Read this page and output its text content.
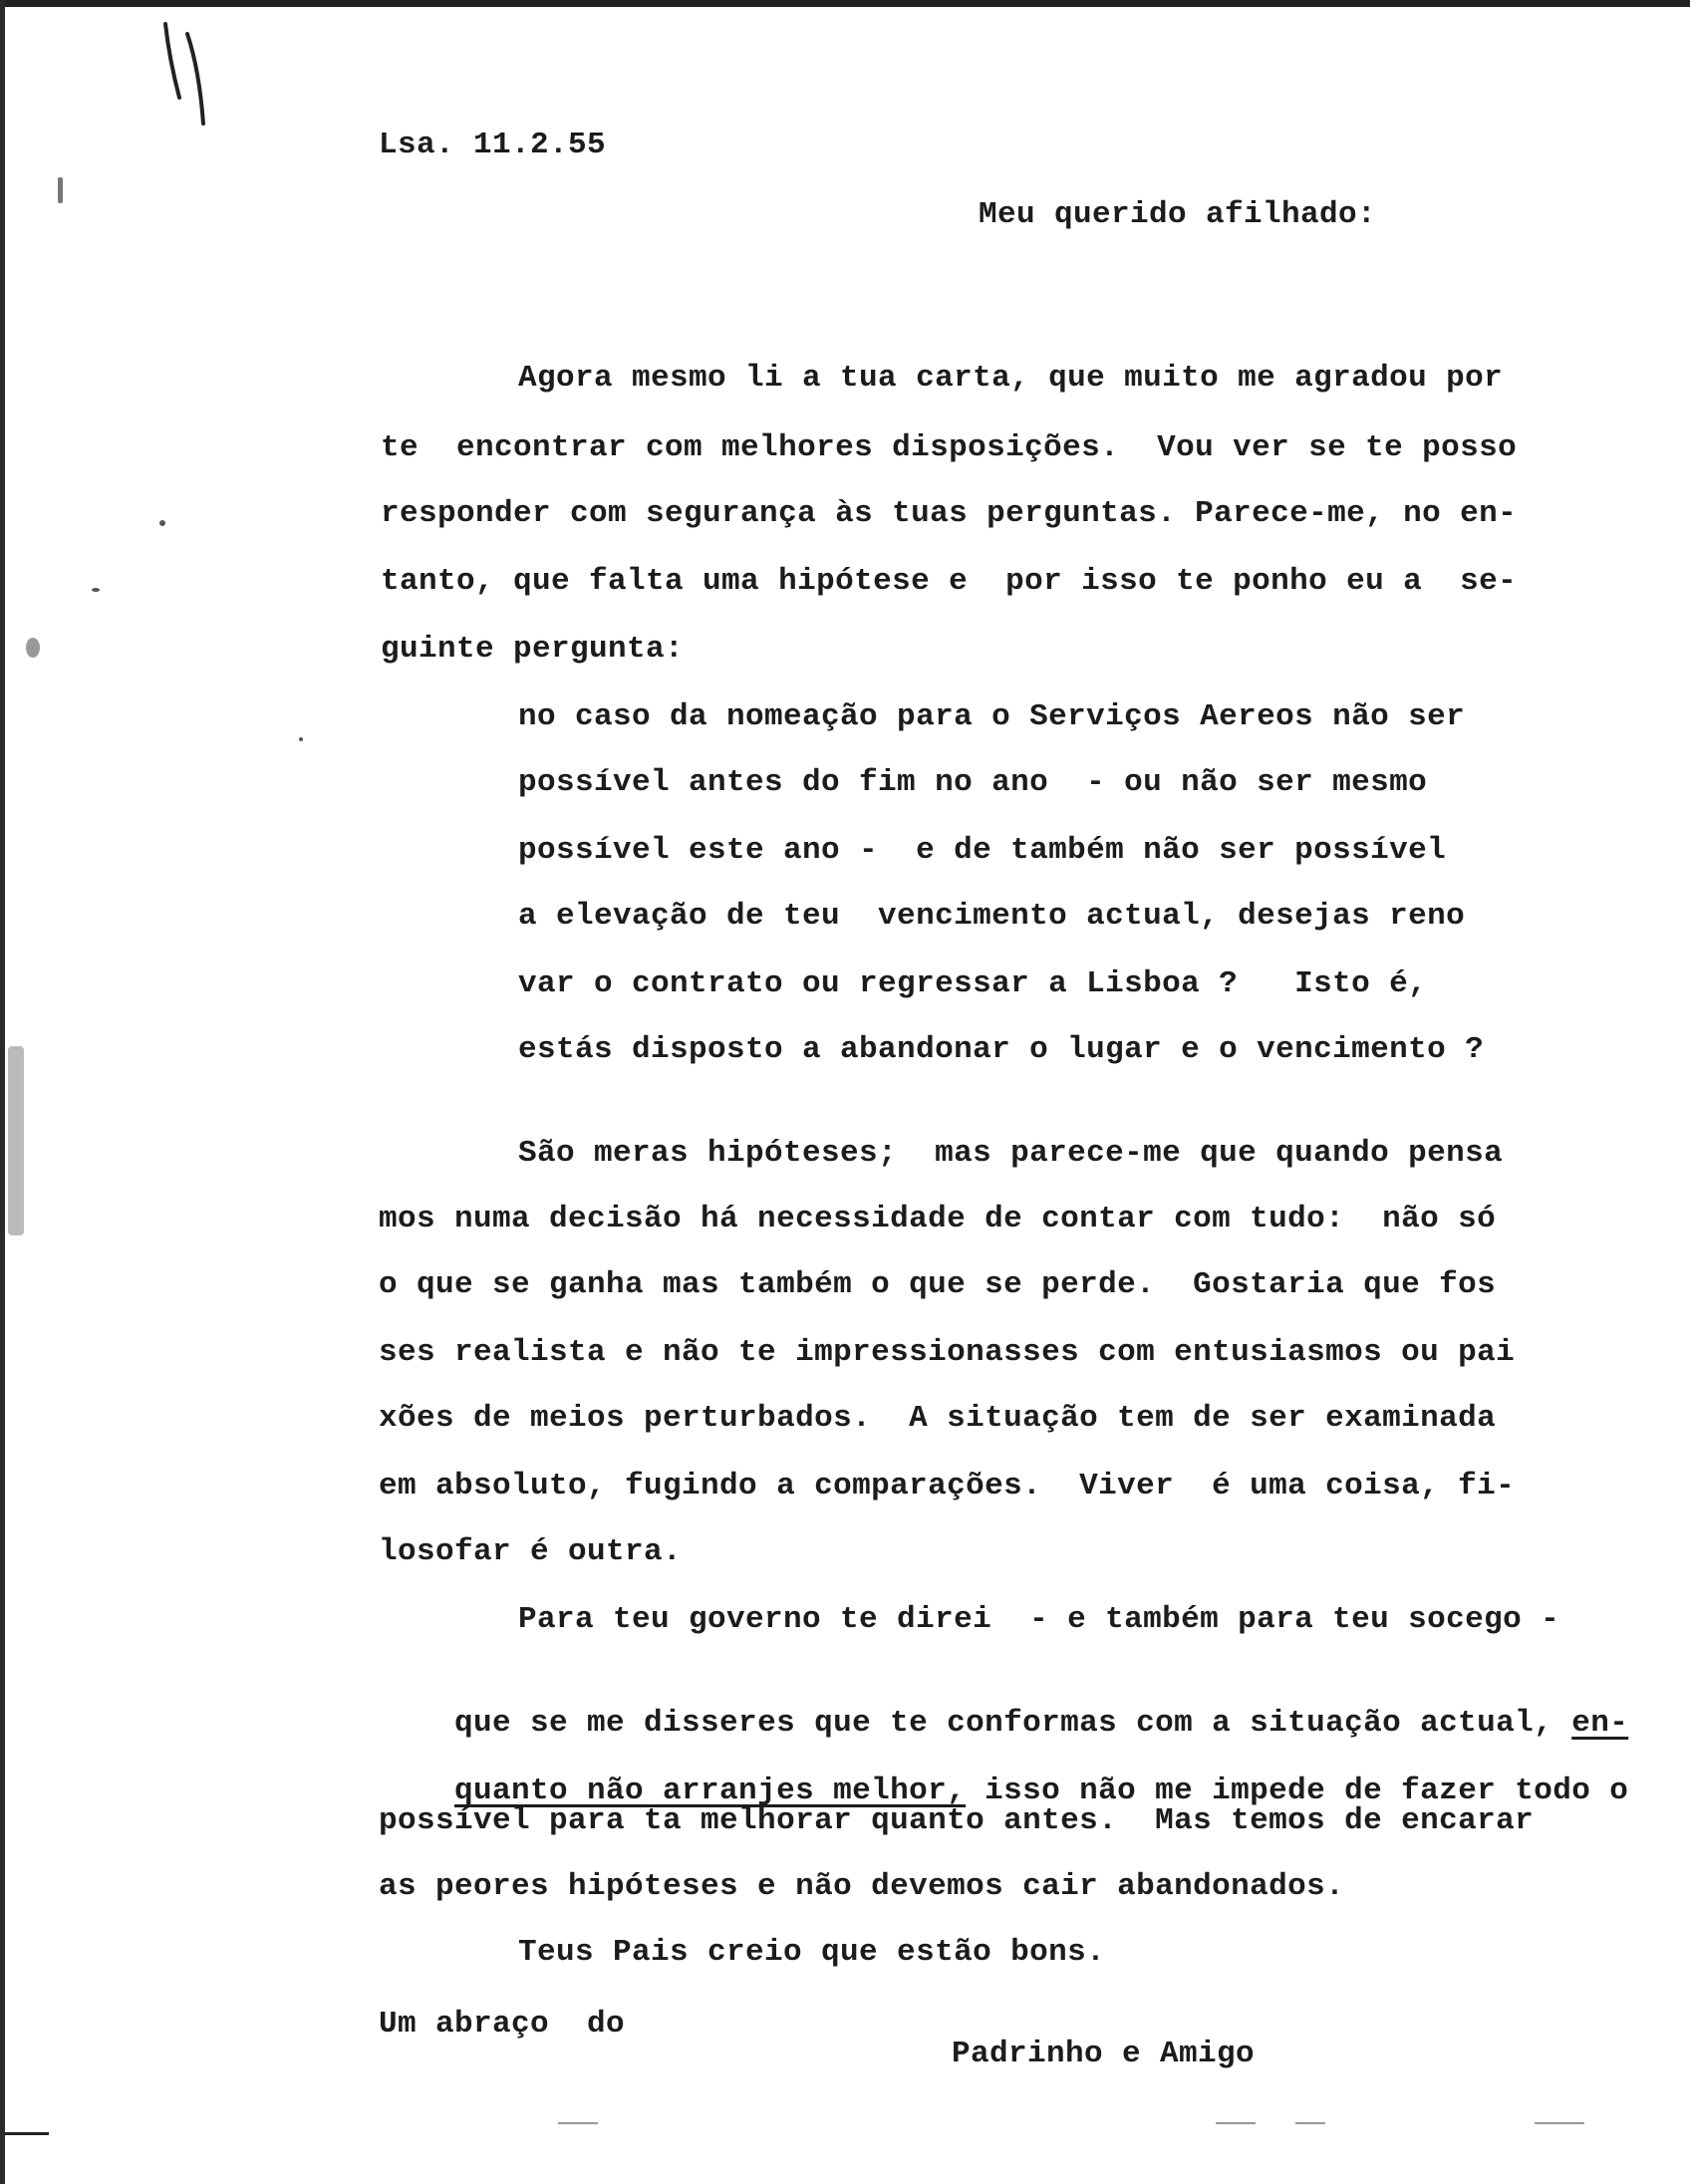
Lsa. 11.2.55
Meu querido afilhado:
Agora mesmo li a tua carta, que muito me agradou por
te  encontrar com melhores disposições.  Vou ver se te posso
responder com segurança às tuas perguntas. Parece-me, no en-
tanto, que falta uma hipótese e  por isso te ponho eu a  se-
guinte pergunta:
no caso da nomeação para o Serviços Aereos não ser
possível antes do fim no ano  - ou não ser mesmo
possível este ano -  e de também não ser possível
a elevação de teu  vencimento actual, desejas reno
var o contrato ou regressar a Lisboa ?   Isto é,
estás disposto a abandonar o lugar e o vencimento ?
São meras hipóteses;  mas parece-me que quando pensa
mos numa decisão há necessidade de contar com tudo:  não só
o que se ganha mas também o que se perde.  Gostaria que fos
ses realista e não te impressionasses com entusiasmos ou pai
xões de meios perturbados.  A situação tem de ser examinada
em absoluto, fugindo a comparações.  Viver  é uma coisa, fi-
losofar é outra.
Para teu governo te direi  - e também para teu socego -

que se me disseres que te conformas com a situação actual, en-

quanto não arranjes melhor, isso não me impede de fazer todo o

possível para ta melhorar quanto antes.  Mas temos de encarar
as peores hipóteses e não devemos cair abandonados.
Teus Pais creio que estão bons.
Um abraço  do
Padrinho e Amigo
